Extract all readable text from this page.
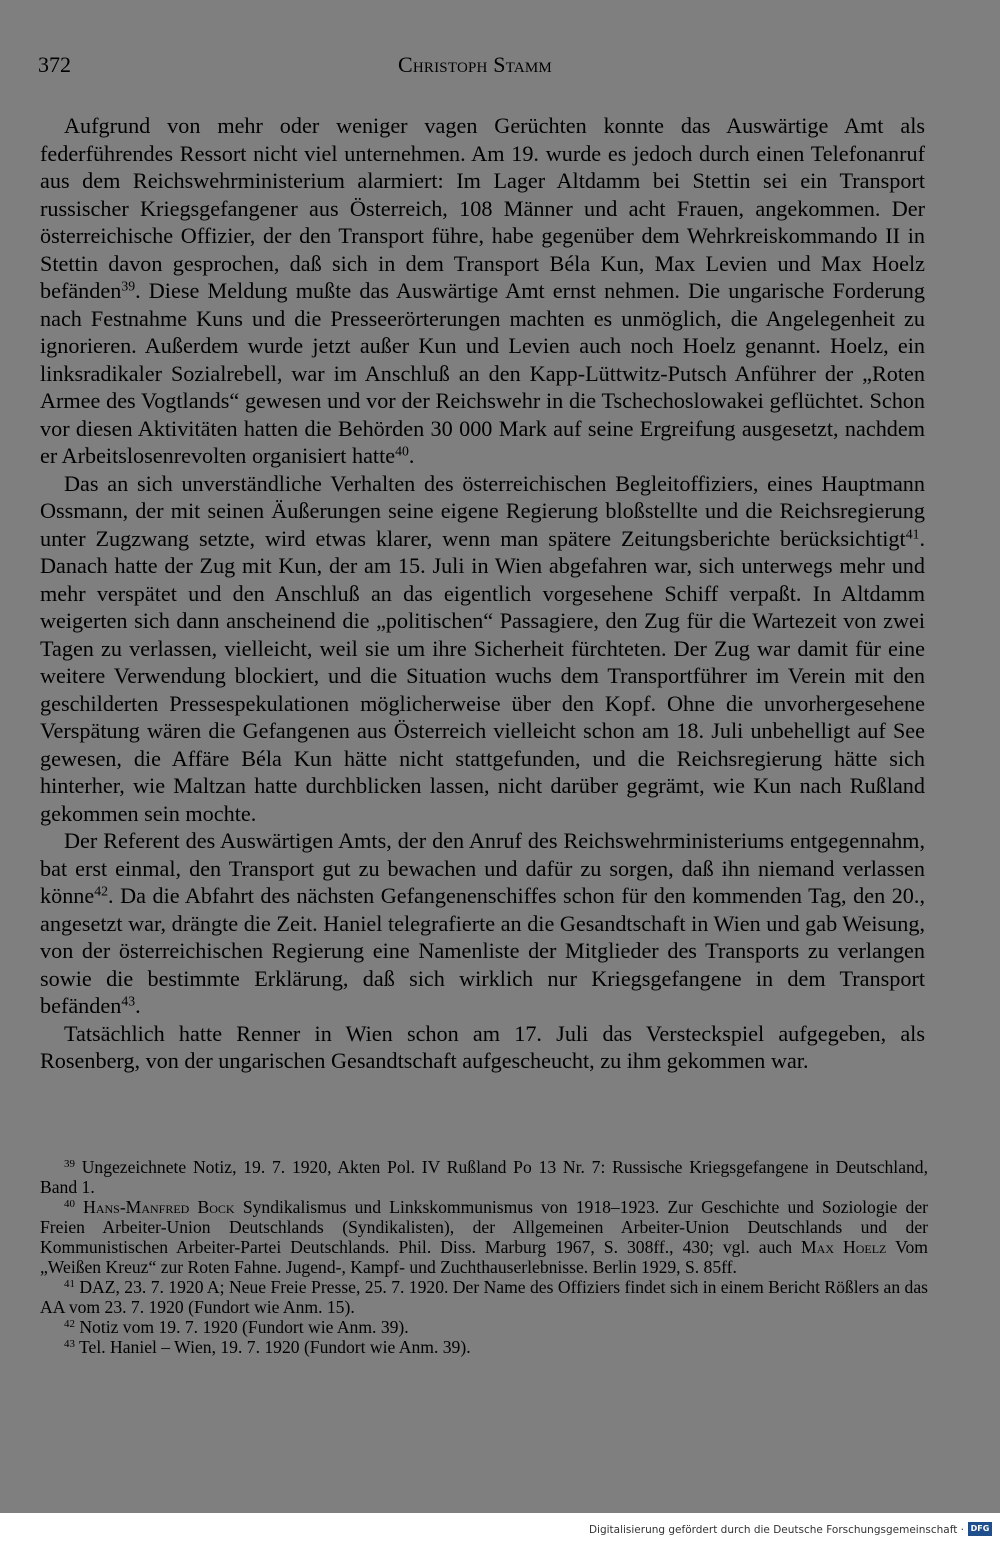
372	Christoph Stamm

Aufgrund von mehr oder weniger vagen Gerüchten konnte das Auswärtige Amt als federführendes Ressort nicht viel unternehmen. Am 19. wurde es jedoch durch einen Telefonanruf aus dem Reichswehrministerium alarmiert: Im Lager Altdamm bei Stettin sei ein Transport russischer Kriegsgefangener aus Österreich, 108 Männer und acht Frauen, angekommen. Der österreichische Offizier, der den Transport führe, habe gegenüber dem Wehrkreiskommando II in Stettin davon gesprochen, daß sich in dem Transport Béla Kun, Max Levien und Max Hoelz befänden$^{39}$. Diese Meldung mußte das Auswärtige Amt ernst nehmen. Die ungarische Forderung nach Festnahme Kuns und die Presseerörterungen machten es unmöglich, die Angelegenheit zu ignorieren. Außerdem wurde jetzt außer Kun und Levien auch noch Hoelz genannt. Hoelz, ein linksradikaler Sozialrebell, war im Anschluß an den Kapp-Lüttwitz-Putsch Anführer der „Roten Armee des Vogtlands“ gewesen und vor der Reichswehr in die Tschechoslowakei geflüchtet. Schon vor diesen Aktivitäten hatten die Behörden 30 000 Mark auf seine Ergreifung ausgesetzt, nachdem er Arbeitslosenrevolten organisiert hatte$^{40}$.

Das an sich unverständliche Verhalten des österreichischen Begleitoffiziers, eines Hauptmann Ossmann, der mit seinen Äußerungen seine eigene Regierung bloßstellte und die Reichsregierung unter Zugzwang setzte, wird etwas klarer, wenn man spätere Zeitungsberichte berücksichtigt$^{41}$. Danach hatte der Zug mit Kun, der am 15. Juli in Wien abgefahren war, sich unterwegs mehr und mehr verspätet und den Anschluß an das eigentlich vorgesehene Schiff verpaßt. In Altdamm weigerten sich dann anscheinend die „politischen“ Passagiere, den Zug für die Wartezeit von zwei Tagen zu verlassen, vielleicht, weil sie um ihre Sicherheit fürchteten. Der Zug war damit für eine weitere Verwendung blockiert, und die Situation wuchs dem Transportführer im Verein mit den geschilderten Pressespekulationen möglicherweise über den Kopf. Ohne die unvorhergesehene Verspätung wären die Gefangenen aus Österreich vielleicht schon am 18. Juli unbehelligt auf See gewesen, die Affäre Béla Kun hätte nicht stattgefunden, und die Reichsregierung hätte sich hinterher, wie Maltzan hatte durchblicken lassen, nicht darüber gegrämt, wie Kun nach Rußland gekommen sein mochte.

Der Referent des Auswärtigen Amts, der den Anruf des Reichswehrministeriums entgegennahm, bat erst einmal, den Transport gut zu bewachen und dafür zu sorgen, daß ihn niemand verlassen könne$^{42}$. Da die Abfahrt des nächsten Gefangenenschiffes schon für den kommenden Tag, den 20., angesetzt war, drängte die Zeit. Haniel telegrafierte an die Gesandtschaft in Wien und gab Weisung, von der österreichischen Regierung eine Namenliste der Mitglieder des Transports zu verlangen sowie die bestimmte Erklärung, daß sich wirklich nur Kriegsgefangene in dem Transport befänden$^{43}$.

Tatsächlich hatte Renner in Wien schon am 17. Juli das Versteckspiel aufgegeben, als Rosenberg, von der ungarischen Gesandtschaft aufgescheucht, zu ihm gekommen war.

$^{39}$ Ungezeichnete Notiz, 19. 7. 1920, Akten Pol. IV Rußland Po 13 Nr. 7: Russische Kriegsgefangene in Deutschland, Band 1.

$^{40}$ Hans-Manfred Bock Syndikalismus und Linkskommunismus von 1918–1923. Zur Geschichte und Soziologie der Freien Arbeiter-Union Deutschlands (Syndikalisten), der Allgemeinen Arbeiter-Union Deutschlands und der Kommunistischen Arbeiter-Partei Deutschlands. Phil. Diss. Marburg 1967, S. 308ff., 430; vgl. auch Max Hoelz Vom „Weißen Kreuz“ zur Roten Fahne. Jugend-, Kampf- und Zuchthauserlebnisse. Berlin 1929, S. 85ff.

$^{41}$ DAZ, 23. 7. 1920 A; Neue Freie Presse, 25. 7. 1920. Der Name des Offiziers findet sich in einem Bericht Rößlers an das AA vom 23. 7. 1920 (Fundort wie Anm. 15).

$^{42}$ Notiz vom 19. 7. 1920 (Fundort wie Anm. 39).

$^{43}$ Tel. Haniel – Wien, 19. 7. 1920 (Fundort wie Anm. 39).

Digitalisierung gefördert durch die Deutsche Forschungsgemeinschaft · DFG
